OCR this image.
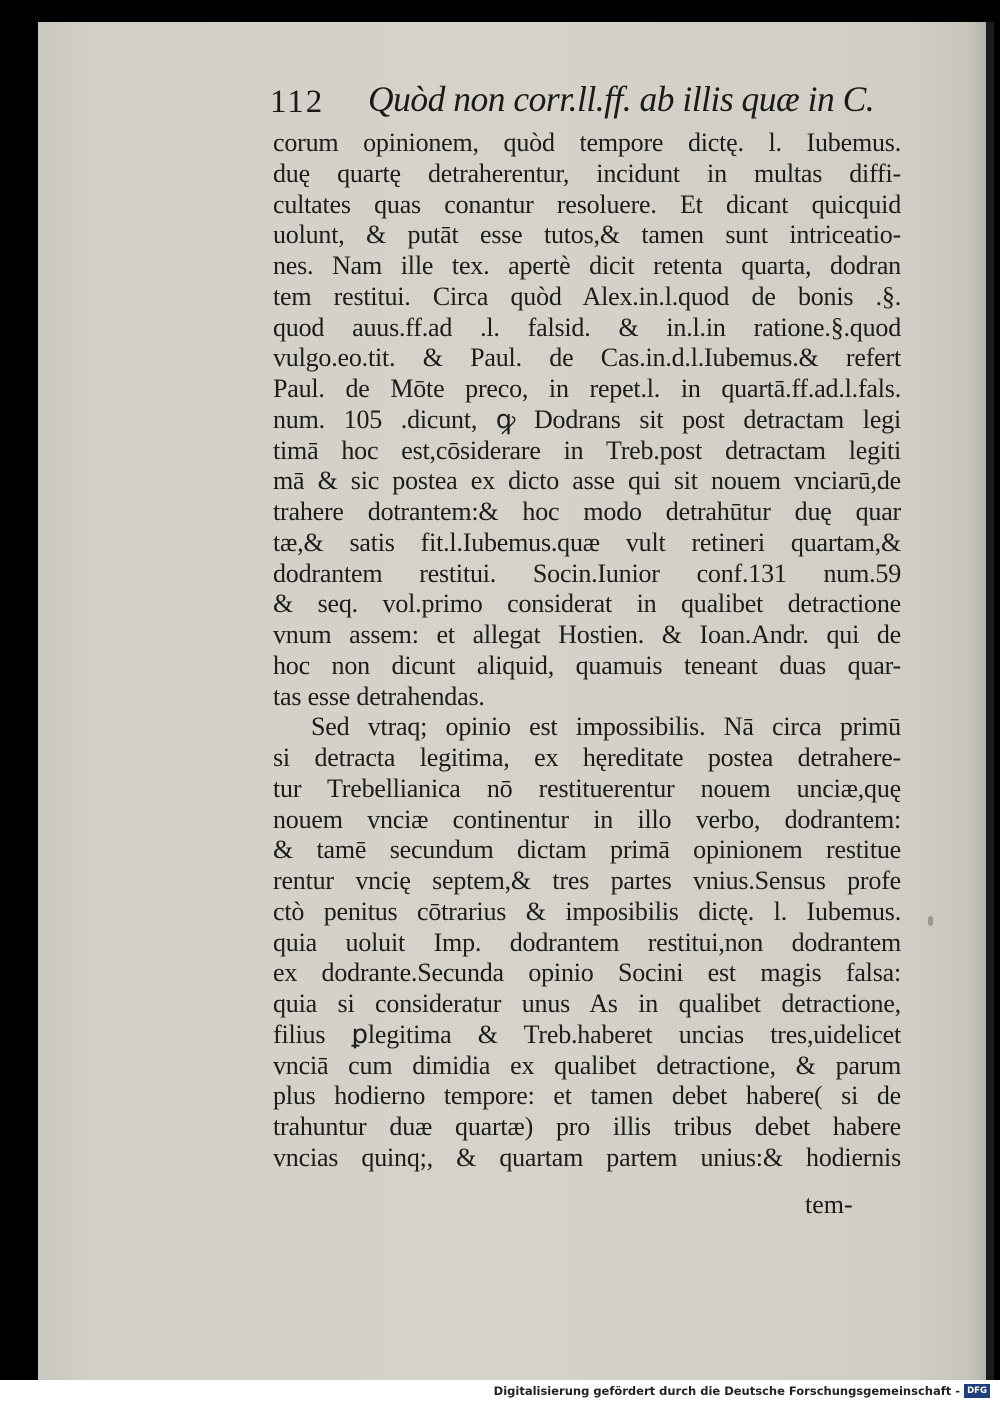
112 Quòd non corr.ll.ff. ab illis quæ in C.
corum opinionem, quòd tempore dictę. l. Iubemus.
duę quartę detraherentur, incidunt in multas diffi-
cultates quas conantur resoluere. Et dicant quicquid
uolunt, & putāt esse tutos,& tamen sunt intriceatio-
nes. Nam ille tex. apertè dicit retenta quarta, dodran
tem restitui. Circa quòd Alex.in.l.quod de bonis .§.
quod auus.ff.ad .l. falsid. & in.l.in ratione.§.quod
vulgo.eo.tit. & Paul. de Cas.in.d.l.Iubemus.& refert
Paul. de Mōte preco, in repet.l. in quartā.ff.ad.l.fals.
num. 105 .dicunt, ꝙ Dodrans sit post detractam legi
timā hoc est,cōsiderare in Treb.post detractam legiti
mā & sic postea ex dicto asse qui sit nouem vnciarū,de
trahere dotrantem:& hoc modo detrahūtur duę quar
tæ,& satis fit.l.Iubemus.quæ vult retineri quartam,&
dodrantem restitui. Socin.Iunior conf.131 num.59
& seq. vol.primo considerat in qualibet detractione
vnum assem: et allegat Hostien. & Ioan.Andr. qui de
hoc non dicunt aliquid, quamuis teneant duas quar-
tas esse detrahendas.
Sed vtraq; opinio est impossibilis. Nā circa primū
si detracta legitima, ex hęreditate postea detrahere-
tur Trebellianica nō restituerentur nouem unciæ,quę
nouem vnciæ continentur in illo verbo, dodrantem:
& tamē secundum dictam primā opinionem restitue
rentur vncię septem,& tres partes vnius.Sensus profe
ctò penitus cōtrarius & imposibilis dictę. l. Iubemus.
quia uoluit Imp. dodrantem restitui,non dodrantem
ex dodrante.Secunda opinio Socini est magis falsa:
quia si consideratur unus As in qualibet detractione,
filius ꝑlegitima & Treb.haberet uncias tres,uidelicet
vnciā cum dimidia ex qualibet detractione, & parum
plus hodierno tempore: et tamen debet habere( si de
trahuntur duæ quartæ) pro illis tribus debet habere
vncias quinq;, & quartam partem unius:& hodiernis
tem-
Digitalisierung gefördert durch die Deutsche Forschungsgemeinschaft - DFG
